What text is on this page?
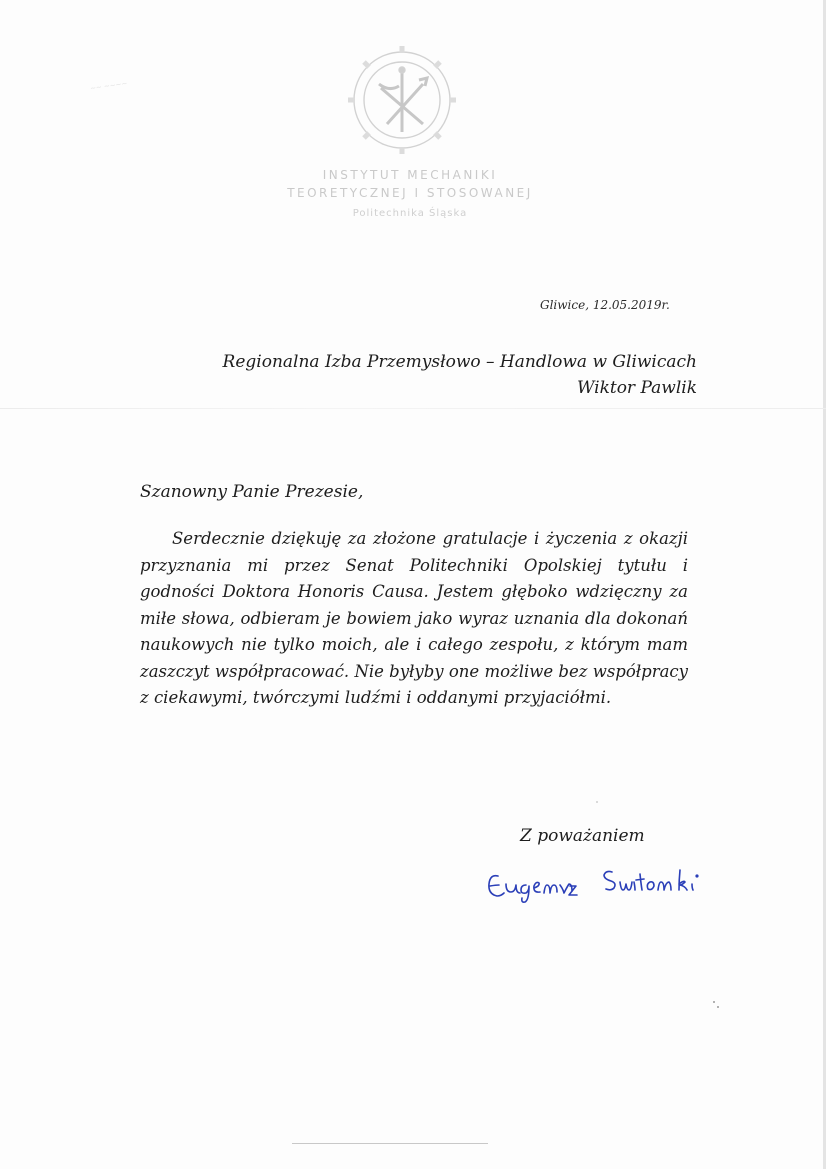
~~ ~~~~
INSTYTUT MECHANIKI
TEORETYCZNEJ I STOSOWANEJ
Politechnika Śląska
Gliwice, 12.05.2019r.
Regionalna Izba Przemysłowo – Handlowa w Gliwicach
Wiktor Pawlik
Szanowny Panie Prezesie,

Serdecznie dziękuję za złożone gratulacje i życzenia z okazji przyznania mi przez Senat Politechniki Opolskiej tytułu i godności Doktora Honoris Causa. Jestem głęboko wdzięczny za miłe słowa, odbieram je bowiem jako wyraz uznania dla dokonań naukowych nie tylko moich, ale i całego zespołu, z którym mam zaszczyt współpracować. Nie byłyby one możliwe bez współpracy z ciekawymi, twórczymi ludźmi i oddanymi przyjaciółmi.

Z poważaniem
